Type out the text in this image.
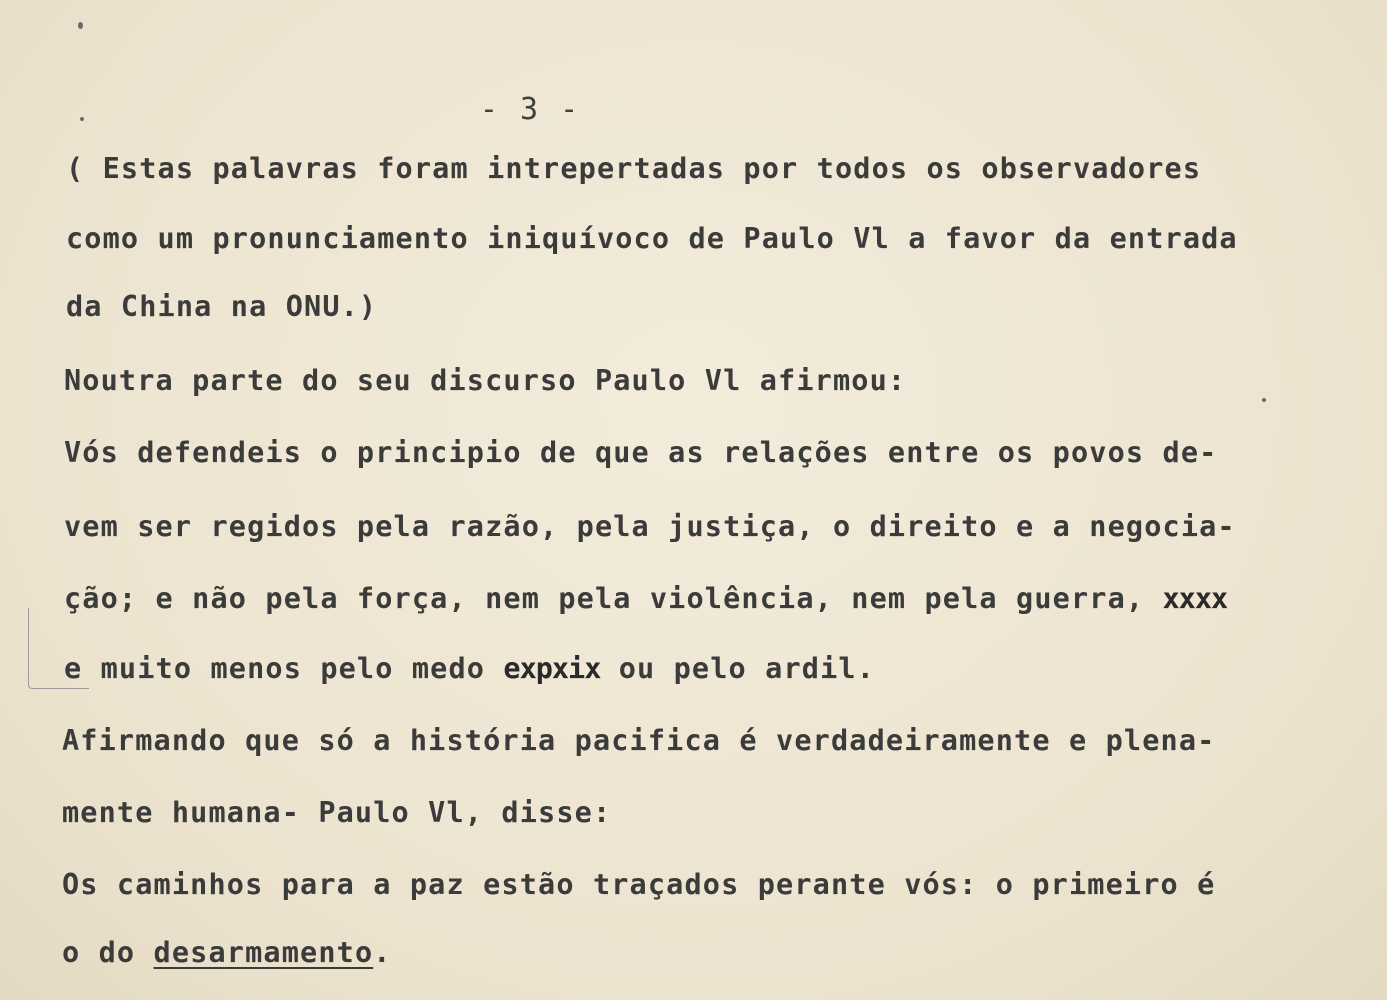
- 3 -
( Estas palavras foram intrepertadas por todos os observadores
como um pronunciamento iniquívoco de Paulo Vl a favor da entrada
da China na ONU.)
Noutra parte do seu discurso Paulo Vl afirmou:
Vós defendeis o principio de que as relações entre os povos de-
vem ser regidos pela razão, pela justiça, o direito e a negocia-
ção; e não pela força, nem pela violência, nem pela guerra, xxxx
e muito menos pelo medo expxix ou pelo ardil.
Afirmando que só a história pacifica é verdadeiramente e plena-
mente humana- Paulo Vl, disse:
Os caminhos para a paz estão traçados perante vós: o primeiro é
o do desarmamento.
